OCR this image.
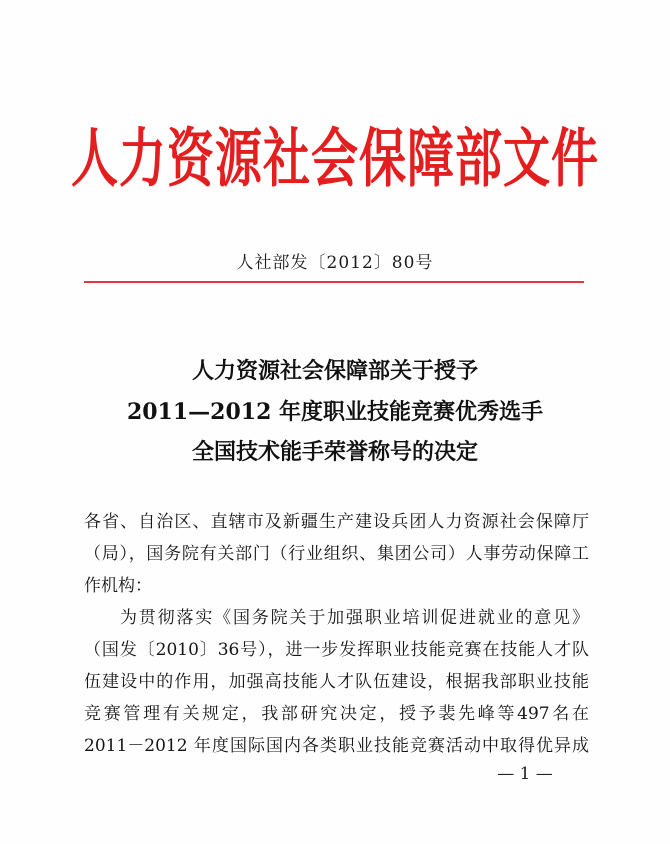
人力资源社会保障部文件
人社部发〔2012〕80号
人力资源社会保障部关于授予
2011—2012 年度职业技能竞赛优秀选手
全国技术能手荣誉称号的决定
各省、自治区、直辖市及新疆生产建设兵团人力资源社会保障厅
（局），国务院有关部门（行业组织、集团公司）人事劳动保障工
作机构：
为贯彻落实《国务院关于加强职业培训促进就业的意见》
（国发〔2010〕36号），进一步发挥职业技能竞赛在技能人才队
伍建设中的作用，加强高技能人才队伍建设，根据我部职业技能
竞赛管理有关规定，我部研究决定，授予裴先峰等497名在
2011－2012 年度国际国内各类职业技能竞赛活动中取得优异成
— 1 —
